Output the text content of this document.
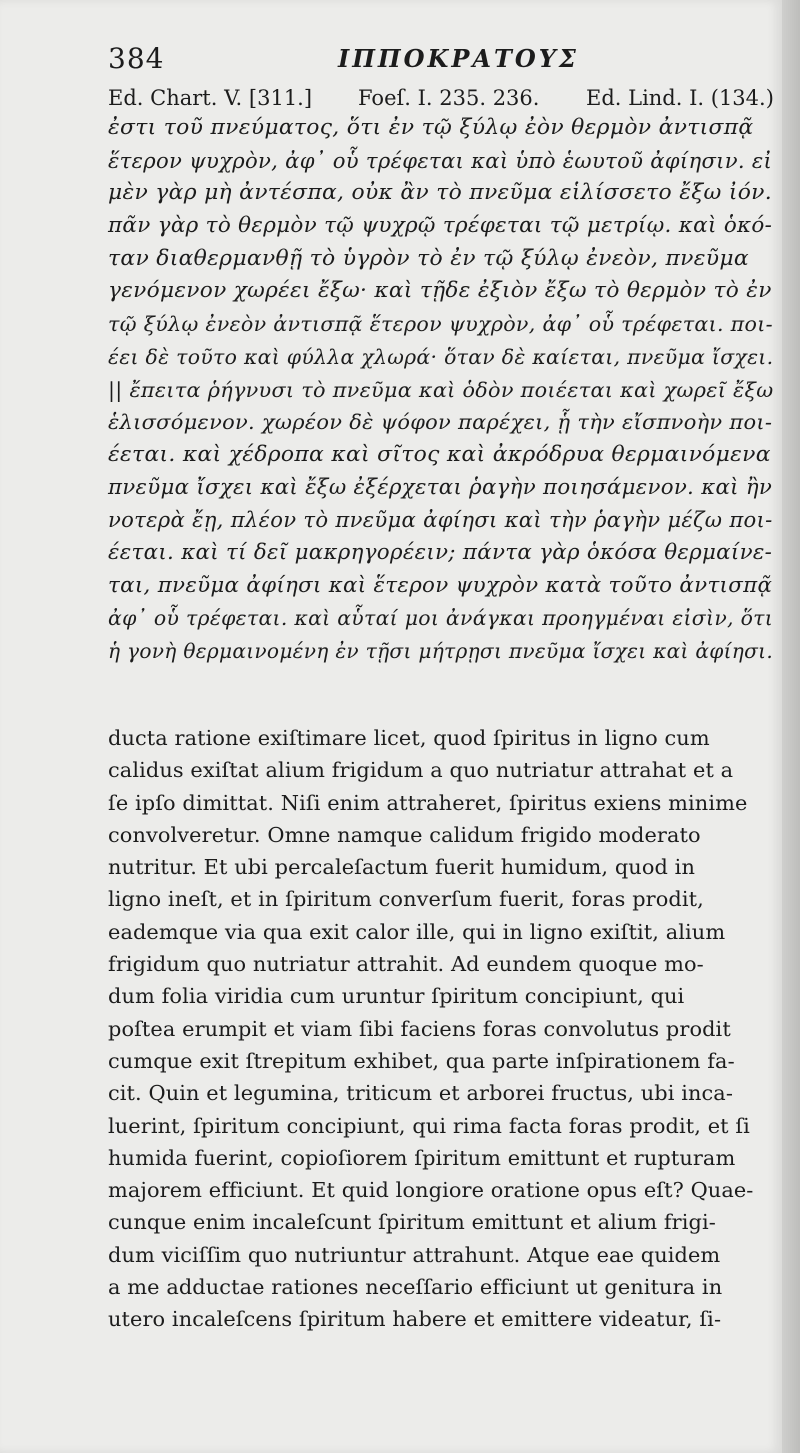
384	ΙΠΠΟΚΡΑΤΟΥΣ
Ed. Chart. V. [311.] Foeſ. I. 235. 236. Ed. Lind. I. (134.)
ἐστι τοῦ πνεύματος, ὅτι ἐν τῷ ξύλῳ ἐὸν θερμὸν ἀντισπᾷ
ἕτερον ψυχρὸν, ἀφ᾽ οὗ τρέφεται καὶ ὑπὸ ἑωυτοῦ ἀφίησιν. εἰ
μὲν γὰρ μὴ ἀντέσπα, οὐκ ἂν τὸ πνεῦμα εἱλίσσετο ἔξω ἰόν.
πᾶν γὰρ τὸ θερμὸν τῷ ψυχρῷ τρέφεται τῷ μετρίῳ. καὶ ὁκό-
ταν διαθερμανθῇ τὸ ὑγρὸν τὸ ἐν τῷ ξύλῳ ἐνεὸν, πνεῦμα
γενόμενον χωρέει ἔξω· καὶ τῇδε ἐξιὸν ἔξω τὸ θερμὸν τὸ ἐν
τῷ ξύλῳ ἐνεὸν ἀντισπᾷ ἕτερον ψυχρὸν, ἀφ᾽ οὗ τρέφεται. ποι-
έει δὲ τοῦτο καὶ φύλλα χλωρά· ὅταν δὲ καίεται, πνεῦμα ἴσχει.
|| ἔπειτα ῥήγνυσι τὸ πνεῦμα καὶ ὁδὸν ποιέεται καὶ χωρεῖ ἔξω
ἑλισσόμενον. χωρέον δὲ ψόφον παρέχει, ᾗ τὴν εἴσπνοὴν ποι-
έεται. καὶ χέδροπα καὶ σῖτος καὶ ἀκρόδρυα θερμαινόμενα
πνεῦμα ἴσχει καὶ ἔξω ἐξέρχεται ῥαγὴν ποιησάμενον. καὶ ἢν
νοτερὰ ἔῃ, πλέον τὸ πνεῦμα ἀφίησι καὶ τὴν ῥαγὴν μέζω ποι-
έεται. καὶ τί δεῖ μακρηγορέειν; πάντα γὰρ ὁκόσα θερμαίνε-
ται, πνεῦμα ἀφίησι καὶ ἕτερον ψυχρὸν κατὰ τοῦτο ἀντισπᾷ
ἀφ᾽ οὗ τρέφεται. καὶ αὗταί μοι ἀνάγκαι προηγμέναι εἰσὶν, ὅτι
ἡ γονὴ θερμαινομένη ἐν τῇσι μήτρῃσι πνεῦμα ἴσχει καὶ ἀφίησι.
ducta ratione exiſtimare licet, quod ſpiritus in ligno cum
calidus exiſtat alium frigidum a quo nutriatur attrahat et a
ſe ipſo dimittat. Niſi enim attraheret, ſpiritus exiens minime
convolveretur. Omne namque calidum frigido moderato
nutritur. Et ubi percaleſactum fuerit humidum, quod in
ligno ineſt, et in ſpiritum converſum fuerit, foras prodit,
eademque via qua exit calor ille, qui in ligno exiſtit, alium
frigidum quo nutriatur attrahit. Ad eundem quoque mo-
dum folia viridia cum uruntur ſpiritum concipiunt, qui
poſtea erumpit et viam ſibi faciens foras convolutus prodit
cumque exit ſtrepitum exhibet, qua parte inſpirationem fa-
cit. Quin et legumina, triticum et arborei fructus, ubi inca-
luerint, ſpiritum concipiunt, qui rima facta foras prodit, et ſi
humida fuerint, copioſiorem ſpiritum emittunt et rupturam
majorem efficiunt. Et quid longiore oratione opus eſt? Quae-
cunque enim incaleſcunt ſpiritum emittunt et alium frigi-
dum viciſſim quo nutriuntur attrahunt. Atque eae quidem
a me adductae rationes neceſſario efficiunt ut genitura in
utero incaleſcens ſpiritum habere et emittere videatur, ſi-
